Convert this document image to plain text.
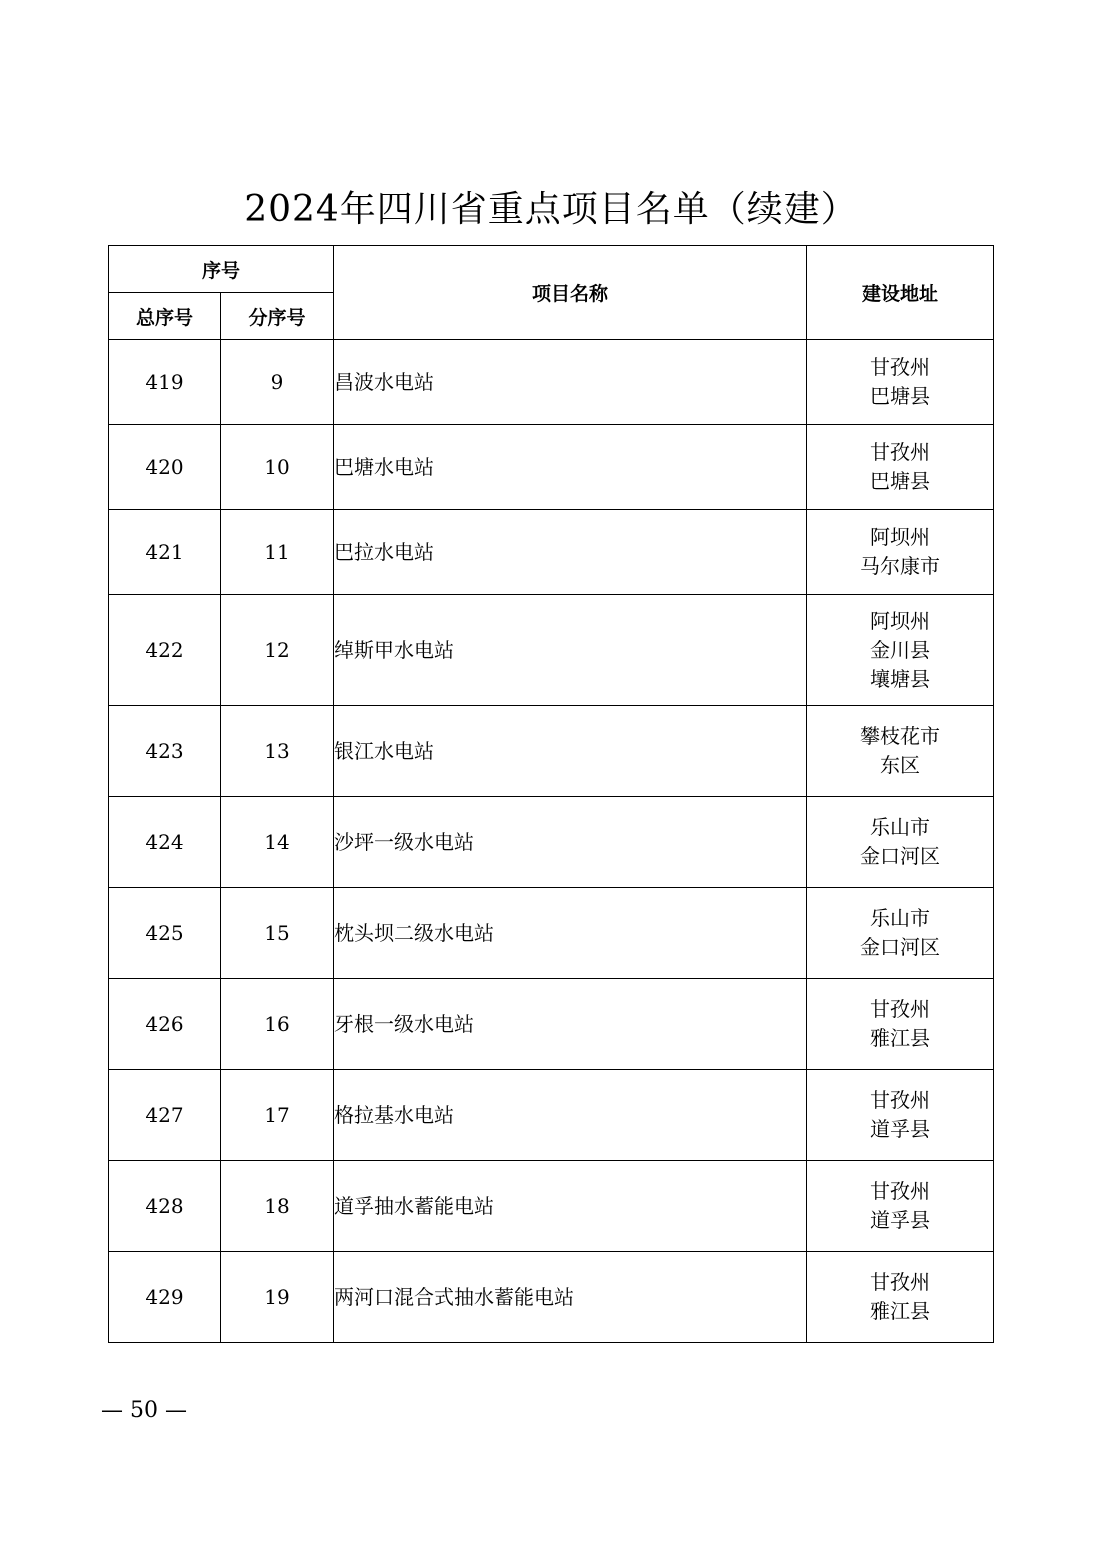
2024年四川省重点项目名单（续建）
序号		项目名称	建设地址
总序号	分序号		
419	9	昌波水电站	甘孜州
巴塘县

420	10	巴塘水电站	甘孜州
巴塘县

421	11	巴拉水电站	阿坝州
马尔康市

422	12	绰斯甲水电站	阿坝州
金川县
壤塘县

423	13	银江水电站	攀枝花市
东区

424	14	沙坪一级水电站	乐山市
金口河区

425	15	枕头坝二级水电站	乐山市
金口河区

426	16	牙根一级水电站	甘孜州
雅江县

427	17	格拉基水电站	甘孜州
道孚县

428	18	道孚抽水蓄能电站	甘孜州
道孚县

429	19	两河口混合式抽水蓄能电站	甘孜州
雅江县
— 50 —
